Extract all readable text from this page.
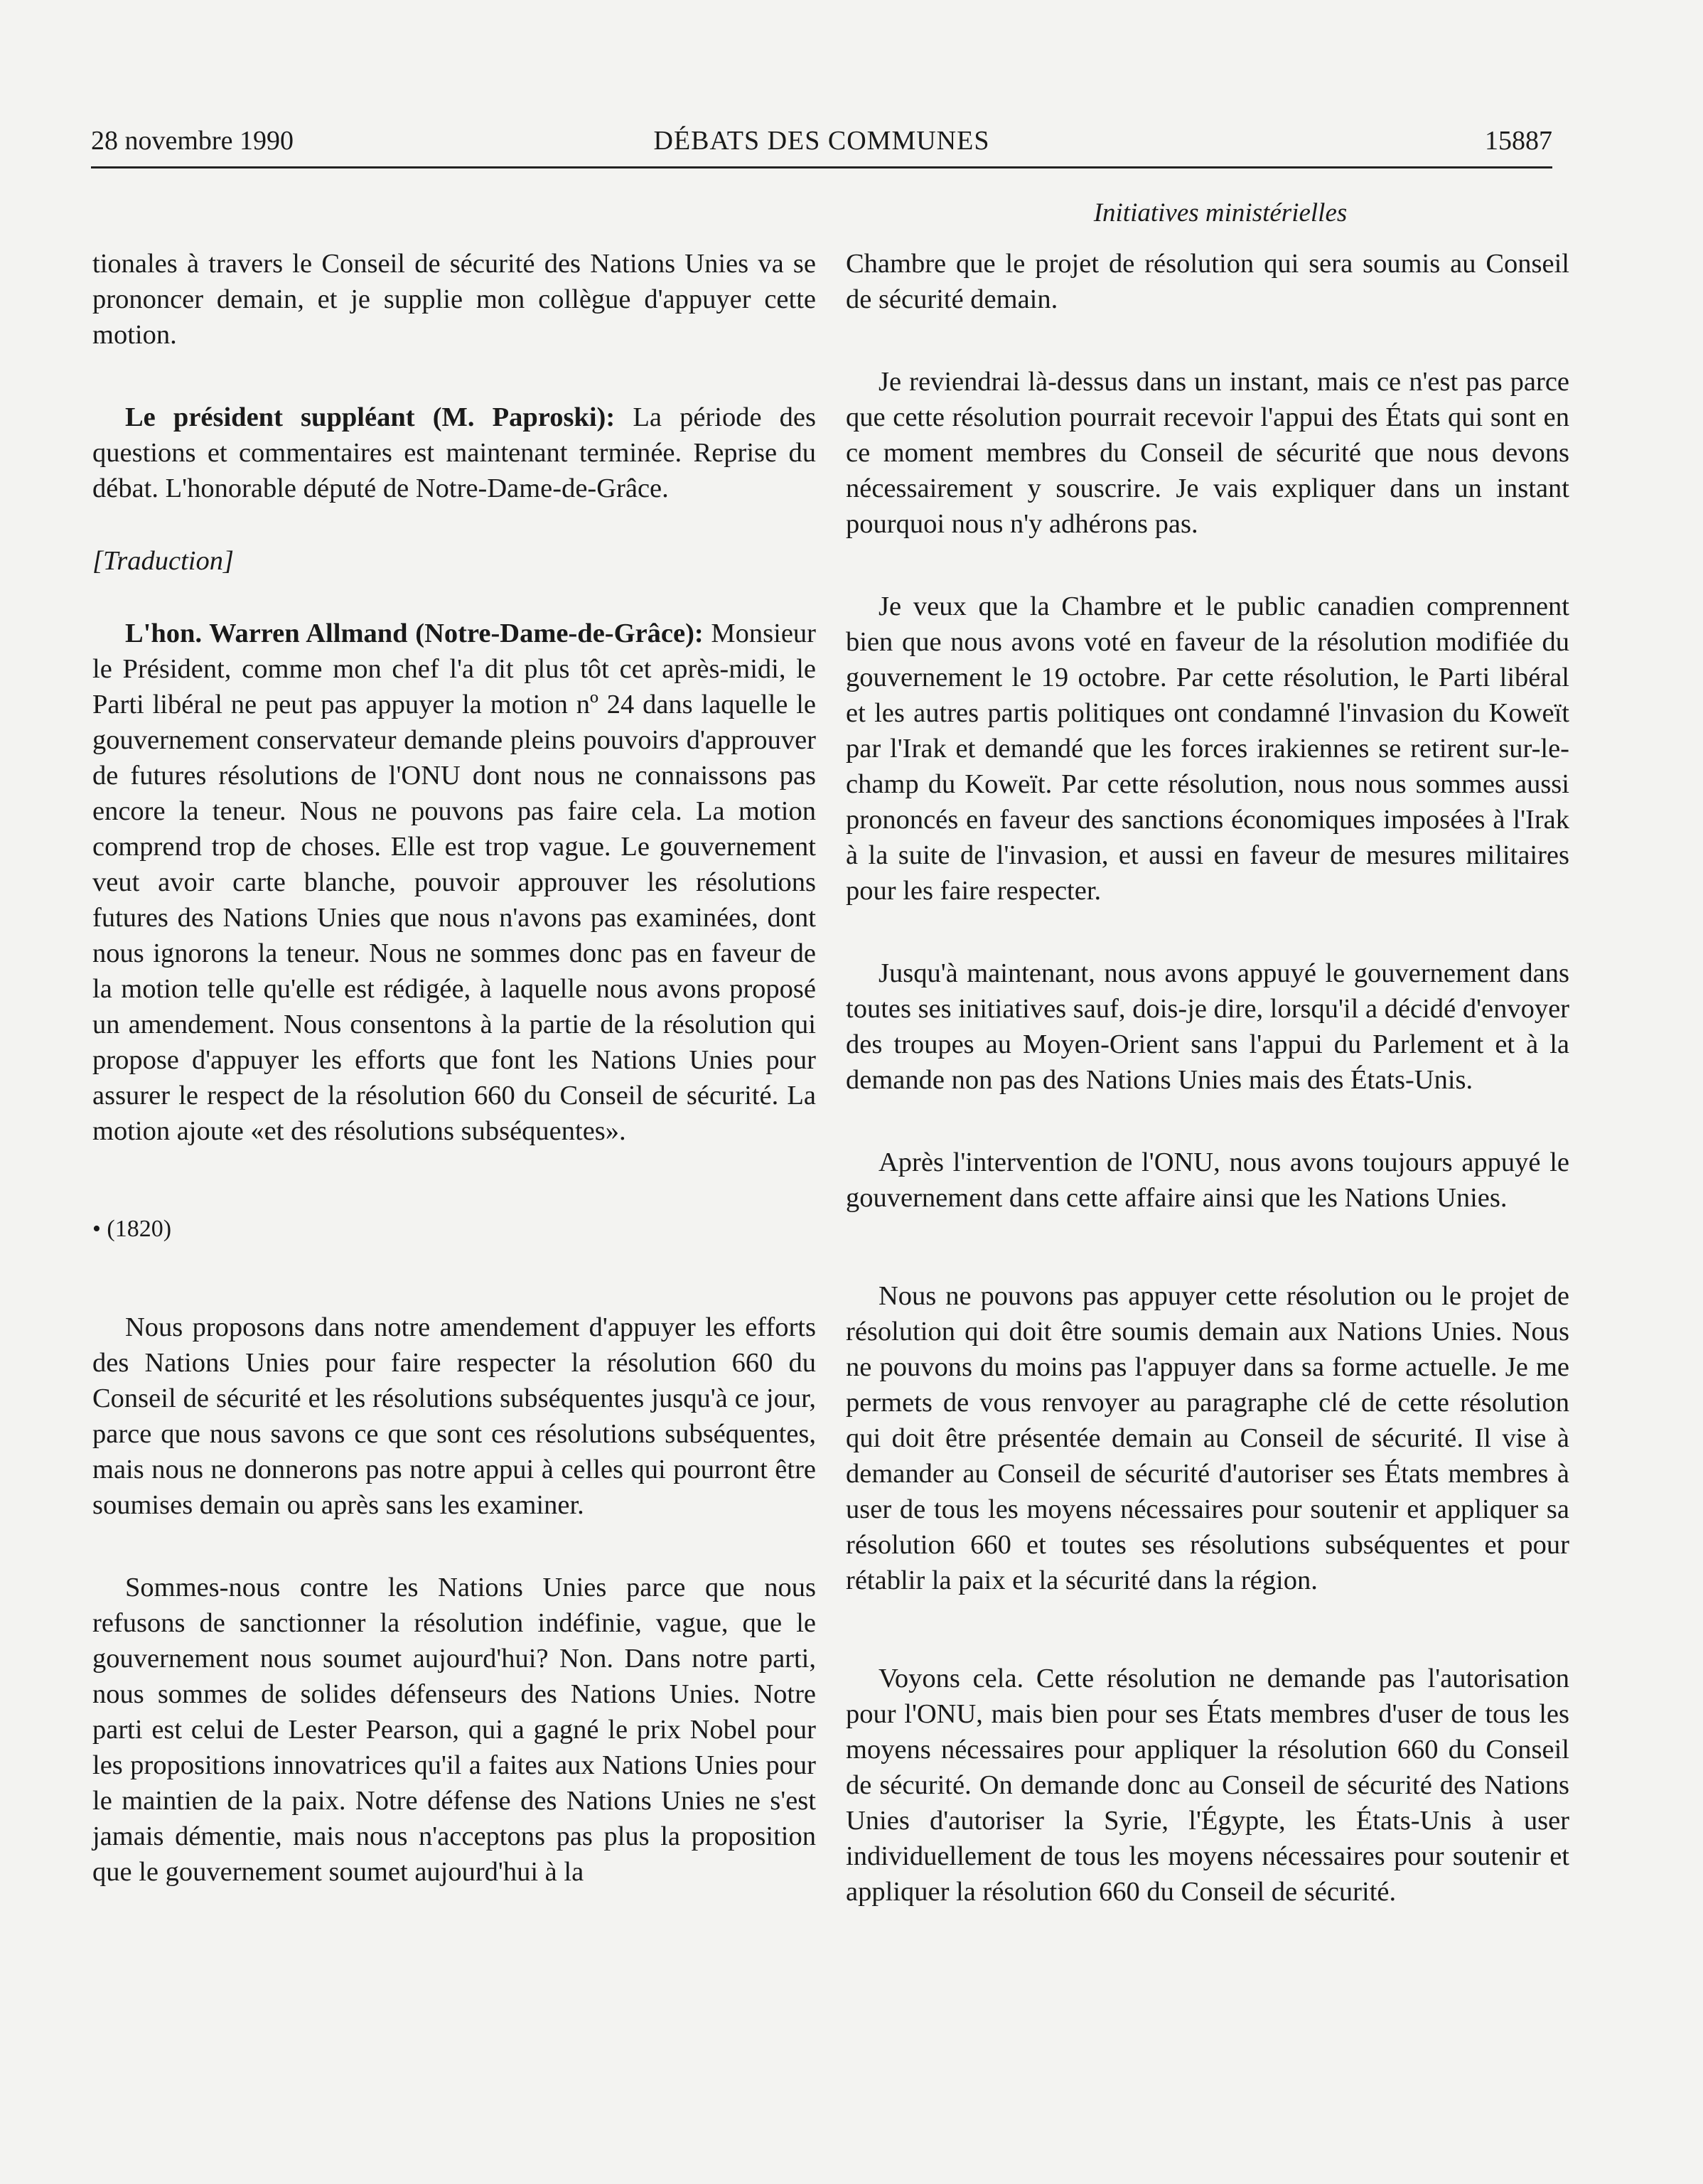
28 novembre 1990	DÉBATS DES COMMUNES	15887

Initiatives ministérielles

tionales à travers le Conseil de sécurité des Nations Unies va se prononcer demain, et je supplie mon collègue d'appuyer cette motion.

Le président suppléant (M. Paproski): La période des questions et commentaires est maintenant terminée. Reprise du débat. L'honorable député de Notre-Dame-de-Grâce.

[Traduction]

L'hon. Warren Allmand (Notre-Dame-de-Grâce): Monsieur le Président, comme mon chef l'a dit plus tôt cet après-midi, le Parti libéral ne peut pas appuyer la motion nº 24 dans laquelle le gouvernement conservateur demande pleins pouvoirs d'approuver de futures résolutions de l'ONU dont nous ne connaissons pas encore la teneur. Nous ne pouvons pas faire cela. La motion comprend trop de choses. Elle est trop vague. Le gouvernement veut avoir carte blanche, pouvoir approuver les résolutions futures des Nations Unies que nous n'avons pas examinées, dont nous ignorons la teneur. Nous ne sommes donc pas en faveur de la motion telle qu'elle est rédigée, à laquelle nous avons proposé un amendement. Nous consentons à la partie de la résolution qui propose d'appuyer les efforts que font les Nations Unies pour assurer le respect de la résolution 660 du Conseil de sécurité. La motion ajoute «et des résolutions subséquentes».

• (1820)

Nous proposons dans notre amendement d'appuyer les efforts des Nations Unies pour faire respecter la résolution 660 du Conseil de sécurité et les résolutions subséquentes jusqu'à ce jour, parce que nous savons ce que sont ces résolutions subséquentes, mais nous ne donnerons pas notre appui à celles qui pourront être soumises demain ou après sans les examiner.

Sommes-nous contre les Nations Unies parce que nous refusons de sanctionner la résolution indéfinie, vague, que le gouvernement nous soumet aujourd'hui? Non. Dans notre parti, nous sommes de solides défenseurs des Nations Unies. Notre parti est celui de Lester Pearson, qui a gagné le prix Nobel pour les propositions innovatrices qu'il a faites aux Nations Unies pour le maintien de la paix. Notre défense des Nations Unies ne s'est jamais démentie, mais nous n'acceptons pas plus la proposition que le gouvernement soumet aujourd'hui à la

Chambre que le projet de résolution qui sera soumis au Conseil de sécurité demain.

Je reviendrai là-dessus dans un instant, mais ce n'est pas parce que cette résolution pourrait recevoir l'appui des États qui sont en ce moment membres du Conseil de sécurité que nous devons nécessairement y souscrire. Je vais expliquer dans un instant pourquoi nous n'y adhérons pas.

Je veux que la Chambre et le public canadien comprennent bien que nous avons voté en faveur de la résolution modifiée du gouvernement le 19 octobre. Par cette résolution, le Parti libéral et les autres partis politiques ont condamné l'invasion du Koweït par l'Irak et demandé que les forces irakiennes se retirent sur-le-champ du Koweït. Par cette résolution, nous nous sommes aussi prononcés en faveur des sanctions économiques imposées à l'Irak à la suite de l'invasion, et aussi en faveur de mesures militaires pour les faire respecter.

Jusqu'à maintenant, nous avons appuyé le gouvernement dans toutes ses initiatives sauf, dois-je dire, lorsqu'il a décidé d'envoyer des troupes au Moyen-Orient sans l'appui du Parlement et à la demande non pas des Nations Unies mais des États-Unis.

Après l'intervention de l'ONU, nous avons toujours appuyé le gouvernement dans cette affaire ainsi que les Nations Unies.

Nous ne pouvons pas appuyer cette résolution ou le projet de résolution qui doit être soumis demain aux Nations Unies. Nous ne pouvons du moins pas l'appuyer dans sa forme actuelle. Je me permets de vous renvoyer au paragraphe clé de cette résolution qui doit être présentée demain au Conseil de sécurité. Il vise à demander au Conseil de sécurité d'autoriser ses États membres à user de tous les moyens nécessaires pour soutenir et appliquer sa résolution 660 et toutes ses résolutions subséquentes et pour rétablir la paix et la sécurité dans la région.

Voyons cela. Cette résolution ne demande pas l'autorisation pour l'ONU, mais bien pour ses États membres d'user de tous les moyens nécessaires pour appliquer la résolution 660 du Conseil de sécurité. On demande donc au Conseil de sécurité des Nations Unies d'autoriser la Syrie, l'Égypte, les États-Unis à user individuellement de tous les moyens nécessaires pour soutenir et appliquer la résolution 660 du Conseil de sécurité.
